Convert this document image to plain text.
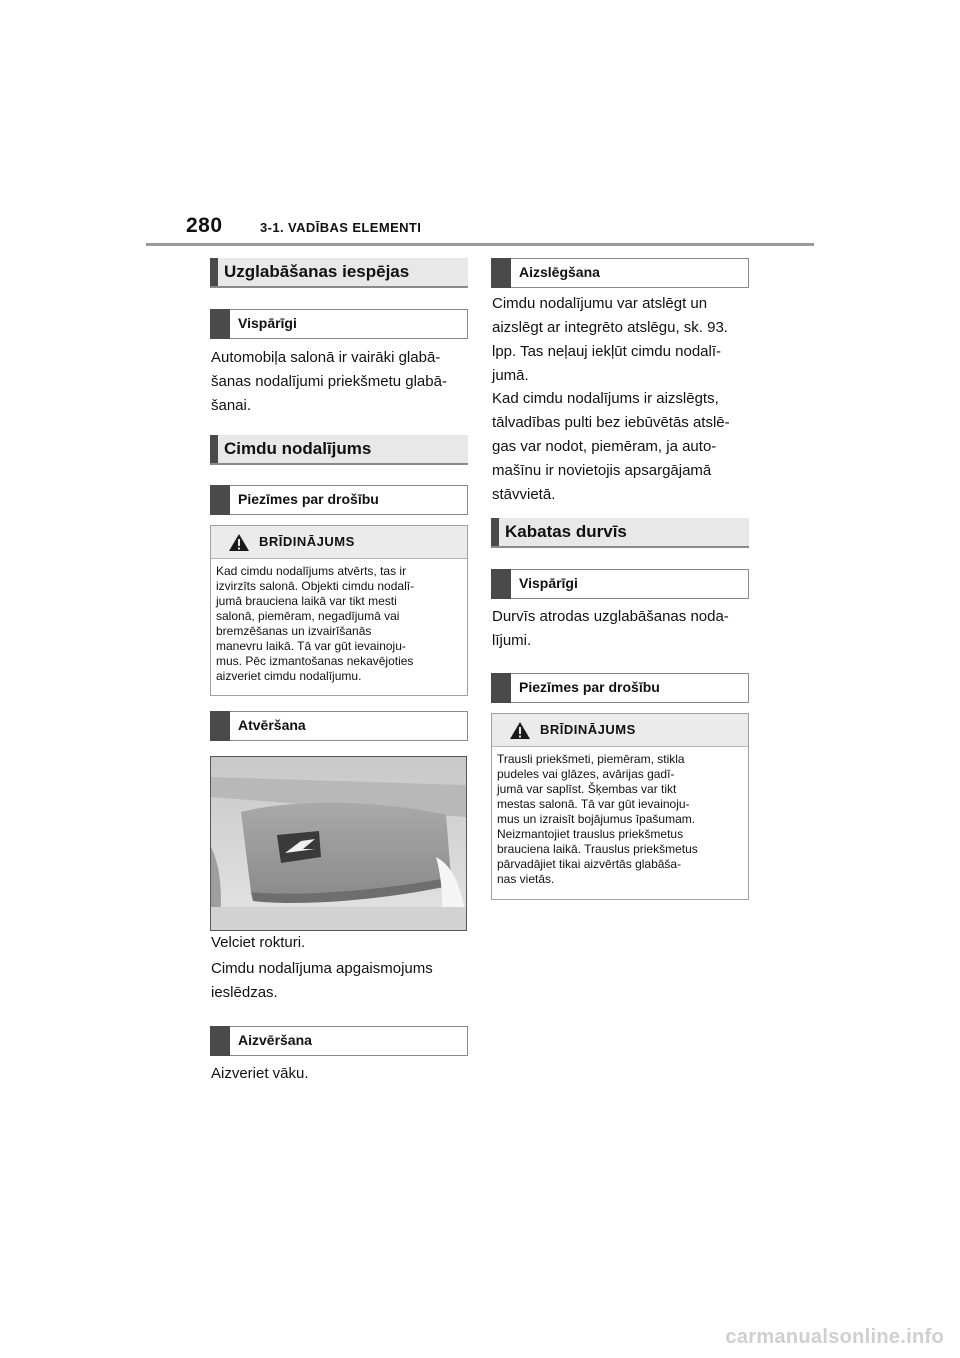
280	3-1. VADĪBAS ELEMENTI
Uzglabāšanas iespējas
Vispārīgi

Automobiļa salonā ir vairāki glabā-
šanas nodalījumi priekšmetu glabā-
šanai.

Cimdu nodalījums
Piezīmes par drošību
BRĪDINĀJUMS
Kad cimdu nodalījums atvērts, tas ir
izvirzīts salonā. Objekti cimdu nodalī-
jumā brauciena laikā var tikt mesti
salonā, piemēram, negadījumā vai
bremzēšanas un izvairīšanās
manevru laikā. Tā var gūt ievainoju-
mus. Pēc izmantošanas nekavējoties
aizveriet cimdu nodalījumu.
Atvēršana

Velciet rokturi.

Cimdu nodalījuma apgaismojums
ieslēdzas.

Aizvēršana

Aizveriet vāku.

Aizslēgšana

Cimdu nodalījumu var atslēgt un
aizslēgt ar integrēto atslēgu, sk. 93.
lpp. Tas neļauj iekļūt cimdu nodalī-
jumā.

Kad cimdu nodalījums ir aizslēgts,
tālvadības pulti bez iebūvētās atslē-
gas var nodot, piemēram, ja auto-
mašīnu ir novietojis apsargājamā
stāvvietā.

Kabatas durvīs
Vispārīgi

Durvīs atrodas uzglabāšanas noda-
lījumi.

Piezīmes par drošību
BRĪDINĀJUMS
Trausli priekšmeti, piemēram, stikla
pudeles vai glāzes, avārijas gadī-
jumā var saplīst. Šķembas var tikt
mestas salonā. Tā var gūt ievainoju-
mus un izraisīt bojājumus īpašumam.
Neizmantojiet trauslus priekšmetus
brauciena laikā. Trauslus priekšmetus
pārvadājiet tikai aizvērtās glabāša-
nas vietās.
carmanualsonline.info
